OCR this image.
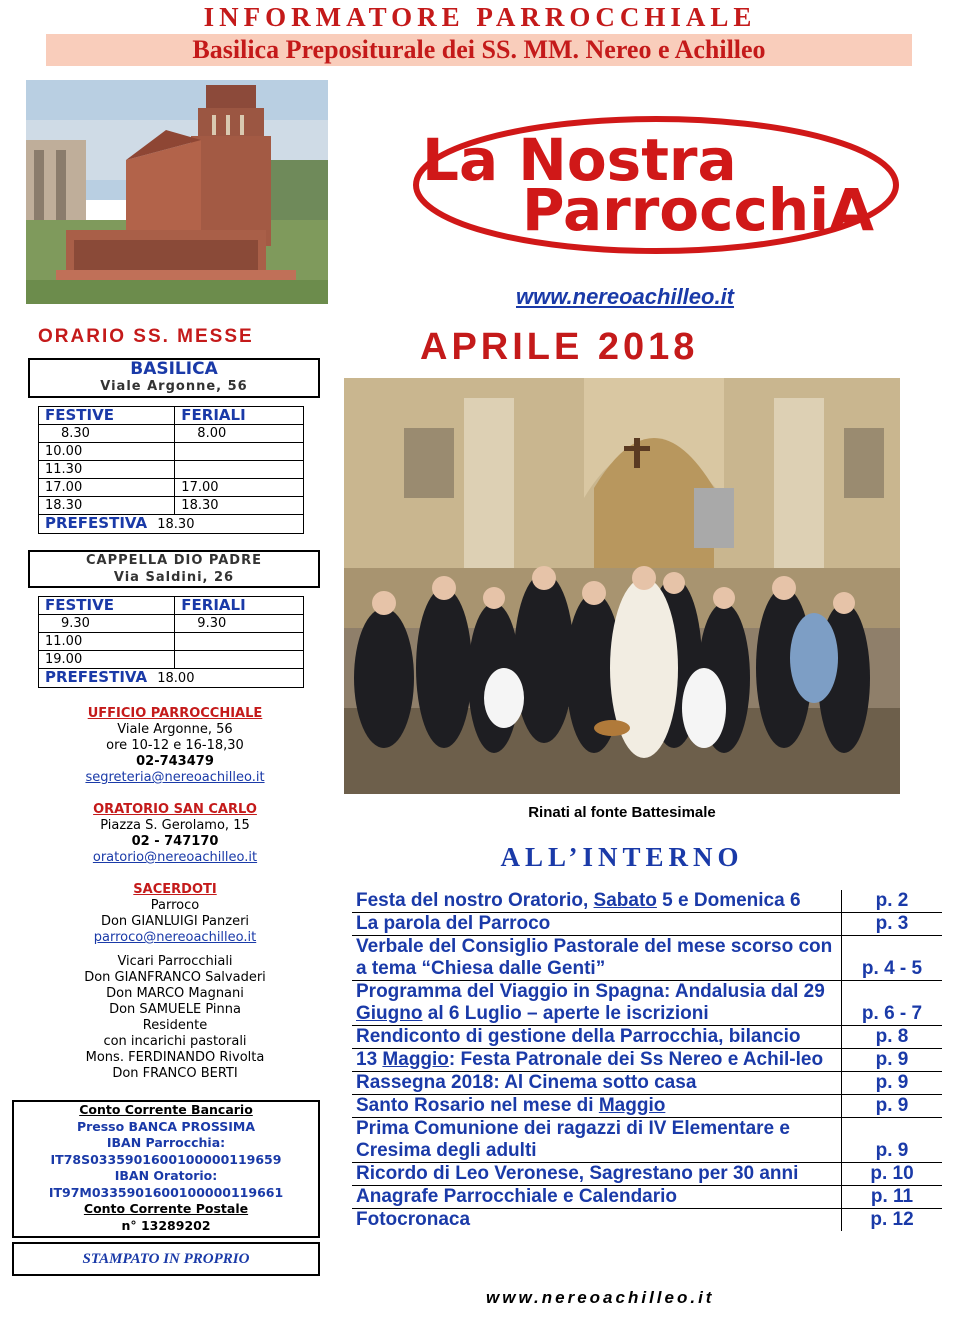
INFORMATORE PARROCCHIALE
Basilica Prepositurale dei SS. MM. Nereo e Achilleo
La Nostra
ParrocchiA
www.nereoachilleo.it
APRILE 2018
Rinati al fonte Battesimale
ALL’INTERNO
Festa del nostro Oratorio, Sabato 5 e Domenica 6	p. 2
La parola del Parroco	p. 3
Verbale del Consiglio Pastorale del mese scorso con a tema “Chiesa dalle Genti”	p. 4 - 5
Programma del Viaggio in Spagna: Andalusia dal 29 Giugno al 6 Luglio – aperte le iscrizioni	p. 6 - 7
Rendiconto di gestione della Parrocchia, bilancio	p. 8
13 Maggio: Festa Patronale dei Ss Nereo e Achil-leo	p. 9
Rassegna 2018: Al Cinema sotto casa	p. 9
Santo Rosario nel mese di Maggio	p. 9
Prima Comunione dei ragazzi di IV Elementare e Cresima degli adulti	p. 9
Ricordo di Leo Veronese, Sagrestano per 30 anni	p. 10
Anagrafe Parrocchiale e Calendario	p. 11
Fotocronaca	p. 12
www.nereoachilleo.it
ORARIO SS. MESSE
BASILICA
Viale Argonne, 56
FESTIVE	FERIALI
8.30	8.00
10.00	
11.30	
17.00	17.00
18.30	18.30
PREFESTIVA 18.30	
CAPPELLA DIO PADRE
Via Saldini, 26
FESTIVE	FERIALI
9.30	9.30
11.00	
19.00	
PREFESTIVA 18.00	
UFFICIO PARROCCHIALE
Viale Argonne, 56
ore 10-12 e 16-18,30
02-743479
segreteria@nereoachilleo.it
ORATORIO SAN CARLO
Piazza S. Gerolamo, 15
02 - 747170
oratorio@nereoachilleo.it
SACERDOTI
Parroco
Don GIANLUIGI Panzeri
parroco@nereoachilleo.it
Vicari Parrocchiali
Don GIANFRANCO Salvaderi
Don MARCO Magnani
Don SAMUELE Pinna
Residente
con incarichi pastorali
Mons. FERDINANDO Rivolta
Don FRANCO BERTI
Conto Corrente Bancario
Presso BANCA PROSSIMA
IBAN Parrocchia:
IT78S0335901600100000119659
IBAN Oratorio:
IT97M0335901600100000119661
Conto Corrente Postale
n° 13289202
STAMPATO IN PROPRIO
